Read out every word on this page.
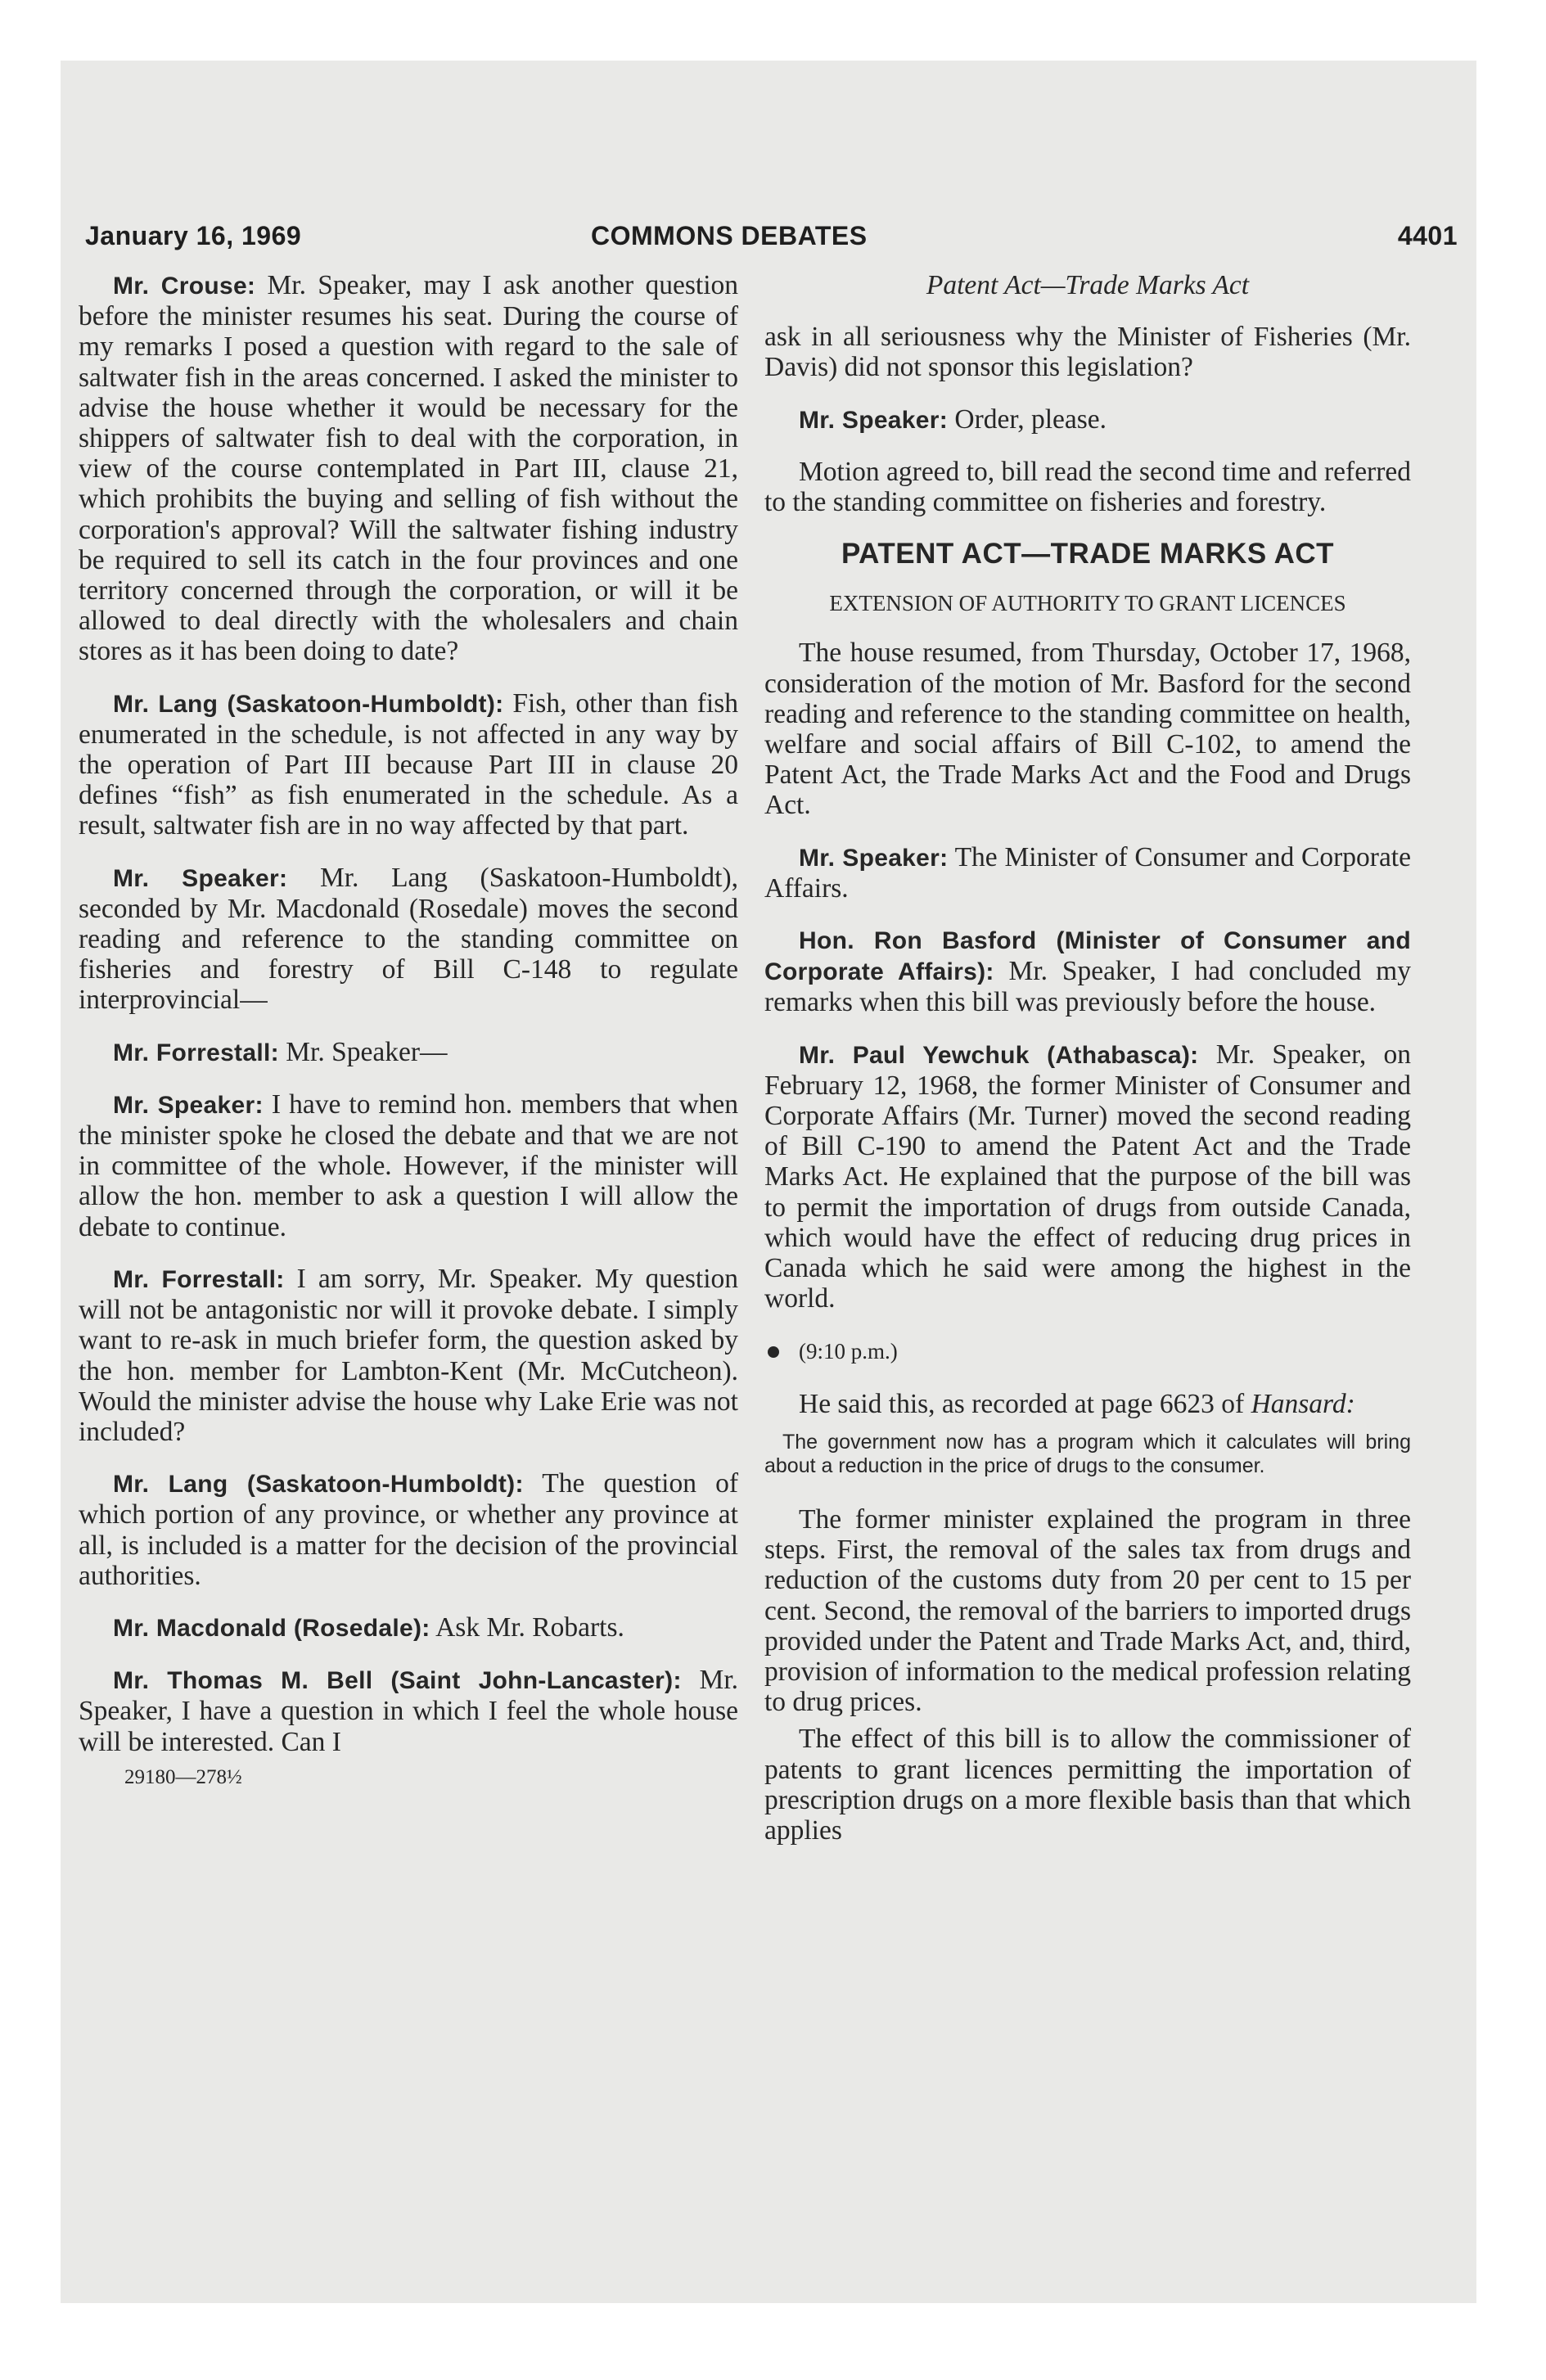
January 16, 1969	COMMONS DEBATES	4401

Mr. Crouse: Mr. Speaker, may I ask another question before the minister resumes his seat. During the course of my remarks I posed a question with regard to the sale of saltwater fish in the areas concerned. I asked the minister to advise the house whether it would be necessary for the shippers of saltwater fish to deal with the corporation, in view of the course contemplated in Part III, clause 21, which prohibits the buying and selling of fish without the corporation's approval? Will the saltwater fishing industry be required to sell its catch in the four provinces and one territory concerned through the corporation, or will it be allowed to deal directly with the wholesalers and chain stores as it has been doing to date?

Mr. Lang (Saskatoon-Humboldt): Fish, other than fish enumerated in the schedule, is not affected in any way by the operation of Part III because Part III in clause 20 defines “fish” as fish enumerated in the schedule. As a result, saltwater fish are in no way affected by that part.

Mr. Speaker: Mr. Lang (Saskatoon-Humboldt), seconded by Mr. Macdonald (Rosedale) moves the second reading and reference to the standing committee on fisheries and forestry of Bill C-148 to regulate interprovincial—

Mr. Forrestall: Mr. Speaker—

Mr. Speaker: I have to remind hon. members that when the minister spoke he closed the debate and that we are not in committee of the whole. However, if the minister will allow the hon. member to ask a question I will allow the debate to continue.

Mr. Forrestall: I am sorry, Mr. Speaker. My question will not be antagonistic nor will it provoke debate. I simply want to re-ask in much briefer form, the question asked by the hon. member for Lambton-Kent (Mr. McCutcheon). Would the minister advise the house why Lake Erie was not included?

Mr. Lang (Saskatoon-Humboldt): The question of which portion of any province, or whether any province at all, is included is a matter for the decision of the provincial authorities.

Mr. Macdonald (Rosedale): Ask Mr. Robarts.

Mr. Thomas M. Bell (Saint John-Lancaster): Mr. Speaker, I have a question in which I feel the whole house will be interested. Can I

29180—278½

Patent Act—Trade Marks Act

ask in all seriousness why the Minister of Fisheries (Mr. Davis) did not sponsor this legislation?

Mr. Speaker: Order, please.

Motion agreed to, bill read the second time and referred to the standing committee on fisheries and forestry.

PATENT ACT—TRADE MARKS ACT

EXTENSION OF AUTHORITY TO GRANT LICENCES

The house resumed, from Thursday, October 17, 1968, consideration of the motion of Mr. Basford for the second reading and reference to the standing committee on health, welfare and social affairs of Bill C-102, to amend the Patent Act, the Trade Marks Act and the Food and Drugs Act.

Mr. Speaker: The Minister of Consumer and Corporate Affairs.

Hon. Ron Basford (Minister of Consumer and Corporate Affairs): Mr. Speaker, I had concluded my remarks when this bill was previously before the house.

Mr. Paul Yewchuk (Athabasca): Mr. Speaker, on February 12, 1968, the former Minister of Consumer and Corporate Affairs (Mr. Turner) moved the second reading of Bill C-190 to amend the Patent Act and the Trade Marks Act. He explained that the purpose of the bill was to permit the importation of drugs from outside Canada, which would have the effect of reducing drug prices in Canada which he said were among the highest in the world.

(9:10 p.m.)

He said this, as recorded at page 6623 of Hansard:

The government now has a program which it calculates will bring about a reduction in the price of drugs to the consumer.

The former minister explained the program in three steps. First, the removal of the sales tax from drugs and reduction of the customs duty from 20 per cent to 15 per cent. Second, the removal of the barriers to imported drugs provided under the Patent and Trade Marks Act, and, third, provision of information to the medical profession relating to drug prices.

The effect of this bill is to allow the commissioner of patents to grant licences permitting the importation of prescription drugs on a more flexible basis than that which applies
